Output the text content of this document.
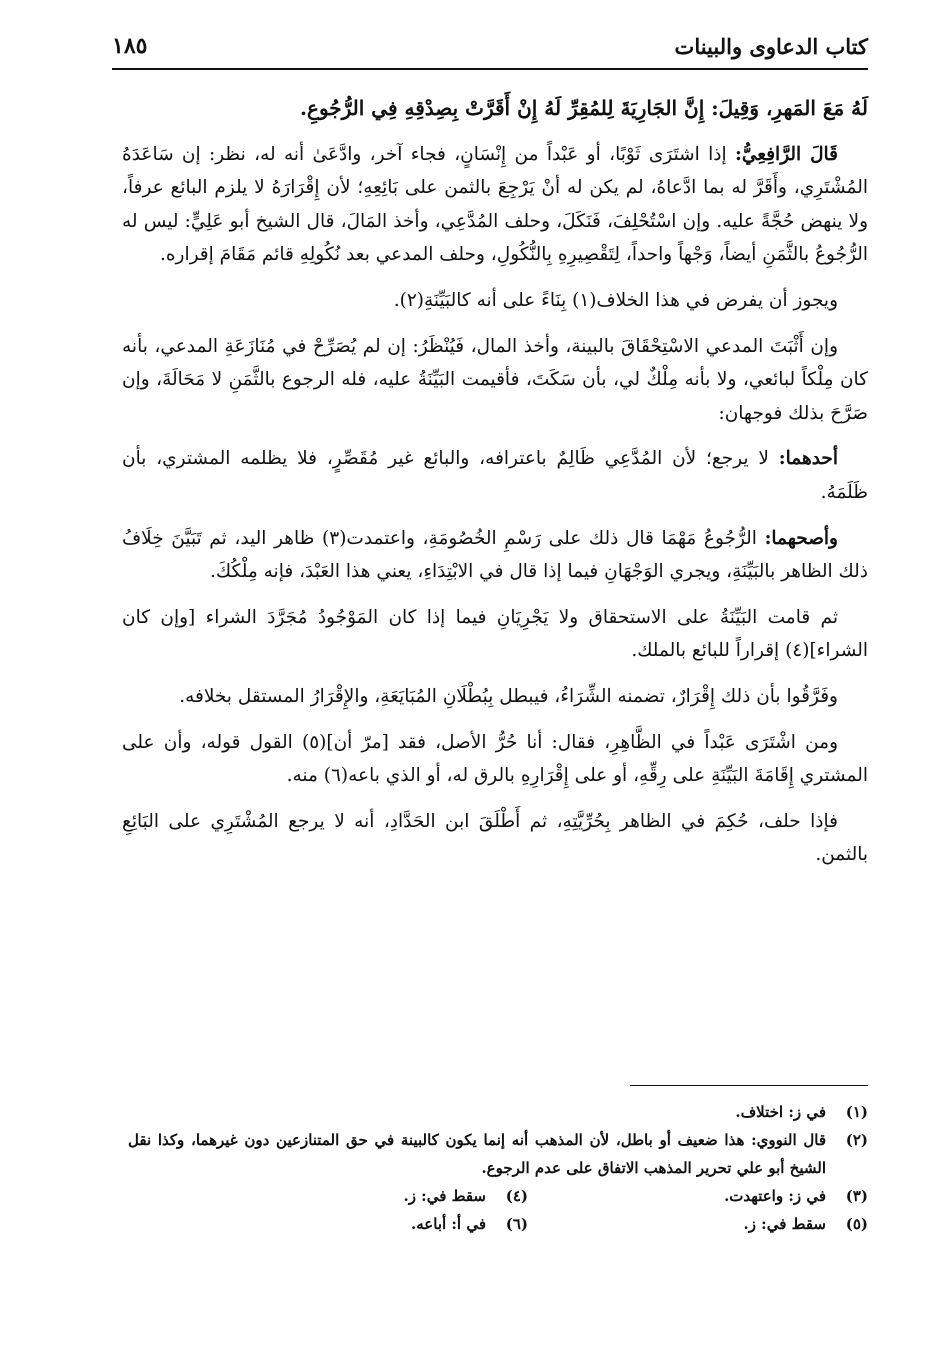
كتاب الدعاوى والبينات
١٨٥

لَهُ مَعَ المَهرِ، وَقِيلَ: إِنَّ الجَارِيَةَ لِلمُقِرِّ لَهُ إِنْ أَقَرَّتْ بِصِدْقِهِ فِي الرُّجُوعِ.

قَالَ الرَّافِعِيُّ: إذا اشتَرَى ثَوْبًا، أو عَبْداً من إِنْسَانٍ، فجاء آخر، وادَّعَىٰ أنه له، نظر: إن سَاعَدَهُ المُشْتَرِي، وأَقَرَّ له بما ادَّعاهُ، لم يكن له أنْ يَرْجِعَ بالثمن على بَائِعِهِ؛ لأن إِقْرَارَهُ لا يلزم البائع عرفاً، ولا ينهض حُجَّةً عليه. وإن اسْتُحْلِفَ، فَنَكَلَ، وحلف المُدَّعِي، وأخذ المَالَ، قال الشيخ أبو عَلِيٍّ: ليس له الرُّجُوعُ بالثَّمَنِ أيضاً، وَجْهاً واحداً، لِتَقْصِيرِهِ بِالنُّكُولِ، وحلف المدعي بعد نُكُولِهِ قائم مَقَامَ إقراره.

ويجوز أن يفرض في هذا الخلاف(١) بِنَاءً على أنه كالبَيِّنَةِ(٢).

وإن أَثْبَتَ المدعي الاسْتِحْقَاقَ بالبينة، وأخذ المال، فَيُنْظَرُ: إن لم يُصَرِّحْ في مُنَازَعَةِ المدعي، بأنه كان مِلْكاً لبائعي، ولا بأنه مِلْكٌ لي، بأن سَكَتَ، فأقيمت البَيِّنَةُ عليه، فله الرجوع بالثَّمَنِ لا مَحَالَةَ، وإن صَرَّحَ بذلك فوجهان:

أحدهما: لا يرجع؛ لأن المُدَّعِي ظَالِمٌ باعترافه، والبائع غير مُقَصِّرٍ، فلا يظلمه المشتري، بأن ظَلَمَهُ.

وأصحهما: الرُّجُوعُ مَهْمَا قال ذلك على رَسْمِ الخُصُومَةِ، واعتمدت(٣) ظاهر اليد، ثم تَبَيَّنَ خِلَافُ ذلك الظاهر بالبَيِّنَةِ، ويجري الوَجْهَانِ فيما إذا قال في الابْتِدَاءِ، يعني هذا العَبْدَ، فإنه مِلْكُكَ.

ثم قامت البَيِّنَةُ على الاستحقاق ولا يَجْرِيَانِ فيما إذا كان المَوْجُودُ مُجَرَّدَ الشراء [وإن كان الشراء](٤) إقراراً للبائع بالملك.

وفَرَّقُوا بأن ذلك إِقْرَارٌ، تضمنه الشِّرَاءُ، فيبطل بِبُطْلَانِ المُبَايَعَةِ، والإِقْرَارُ المستقل بخلافه.

ومن اشْتَرَى عَبْداً في الظَّاهِرِ، فقال: أنا حُرُّ الأصل، فقد [مرّ أن](٥) القول قوله، وأن على المشتري إِقَامَةَ البَيِّنَةِ على رِقِّهِ، أو على إِقْرَارِهِ بالرق له، أو الذي باعه(٦) منه.

فإذا حلف، حُكِمَ في الظاهر بِحُرِّيَّتِهِ، ثم أَطْلَقَ ابن الحَدَّادِ، أنه لا يرجع المُشْتَرِي على البَائِعِ بالثمن.

(١)
في ز: اختلاف.
(٢)
قال النووي: هذا ضعيف أو باطل، لأن المذهب أنه إنما يكون كالبينة في حق المتنازعين دون غيرهما، وكذا نقل الشيخ أبو علي تحرير المذهب الاتفاق على عدم الرجوع.
(٣)
في ز: واعتهدت.
(٤)
سقط في: ز.
(٥)
سقط في: ز.
(٦)
في أ: أباعه.
